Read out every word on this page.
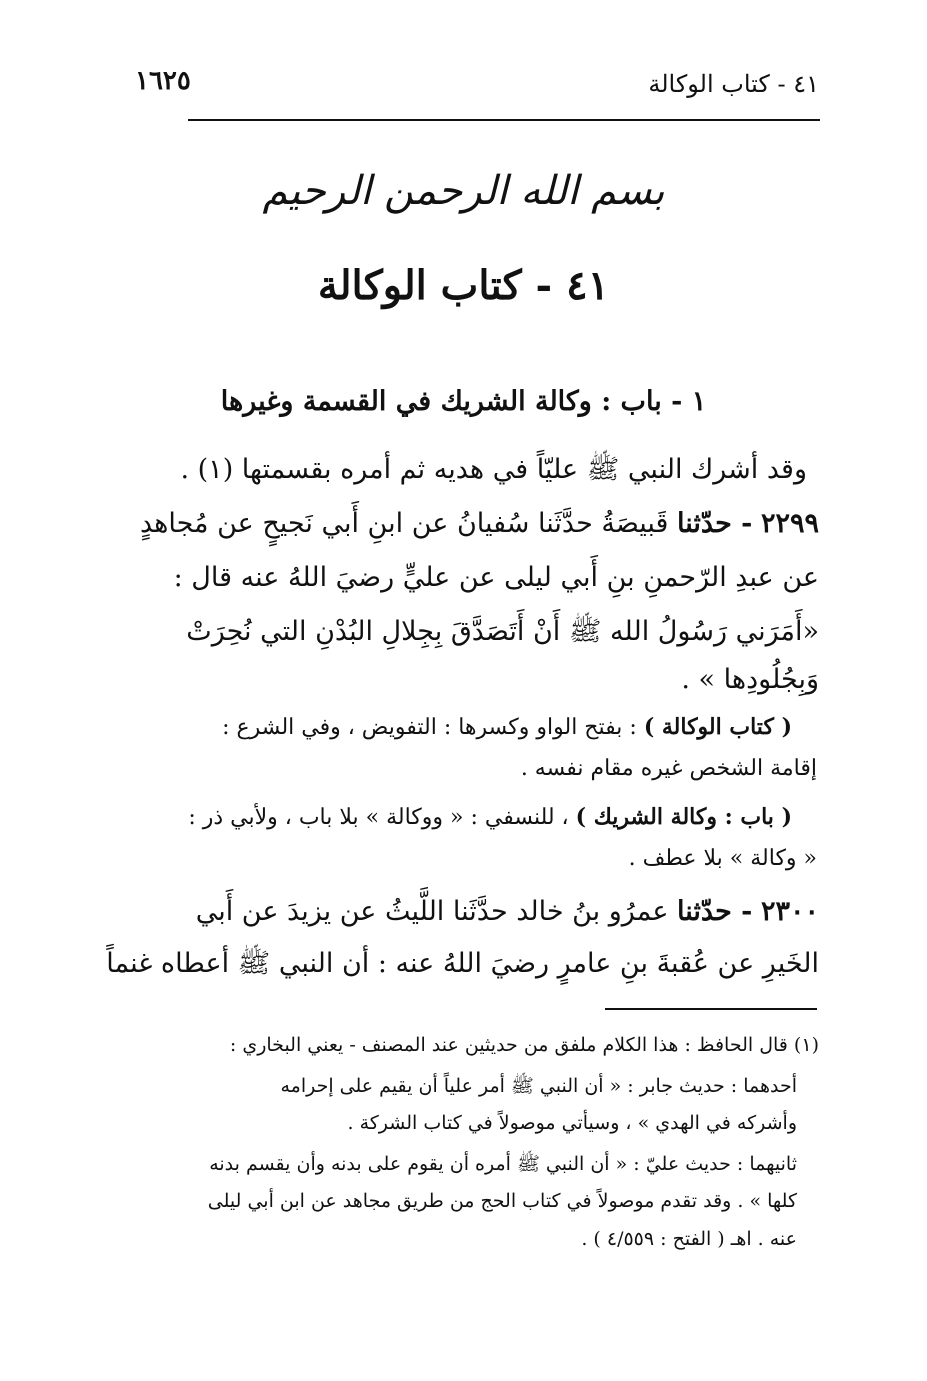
١٦٢٥	٤١ - كتاب الوكالة
بسم الله الرحمن الرحيم
٤١ - كتاب الوكالة
١ - باب : وكالة الشريك في القسمة وغيرها
وقد أشرك النبي ﷺ عليّاً في هديه ثم أمره بقسمتها (١) .
٢٢٩٩ - حدّثنا قَبيصَةُ حدَّثَنا سُفيانُ عن ابنِ أَبي نَجيحٍ عن مُجاهدٍ
عن عبدِ الرّحمنِ بنِ أَبي ليلى عن عليٍّ رضيَ اللهُ عنه قال :
«أَمَرَني رَسُولُ الله ﷺ أَنْ أَتَصَدَّقَ بِجِلالِ البُدْنِ التي نُحِرَتْ
وَبِجُلُودِها » .
( كتاب الوكالة ) : بفتح الواو وكسرها : التفويض ، وفي الشرع :
إقامة الشخص غيره مقام نفسه .
( باب : وكالة الشريك ) ، للنسفي : « ووكالة » بلا باب ، ولأبي ذر :
« وكالة » بلا عطف .
٢٣٠٠ - حدّثنا عمرُو بنُ خالد حدَّثَنا اللَّيثُ عن يزيدَ عن أَبي
الخَيرِ عن عُقبةَ بنِ عامرٍ رضيَ اللهُ عنه : أن النبي ﷺ أعطاه غنماً
(١) قال الحافظ : هذا الكلام ملفق من حديثين عند المصنف - يعني البخاري :
أحدهما : حديث جابر : « أن النبي ﷺ أمر علياً أن يقيم على إحرامه
وأشركه في الهدي » ، وسيأتي موصولاً في كتاب الشركة .
ثانيهما : حديث عليّ : « أن النبي ﷺ أمره أن يقوم على بدنه وأن يقسم بدنه
كلها » . وقد تقدم موصولاً في كتاب الحج من طريق مجاهد عن ابن أبي ليلى
عنه . اهـ ( الفتح : ٤/٥٥٩ ) .
